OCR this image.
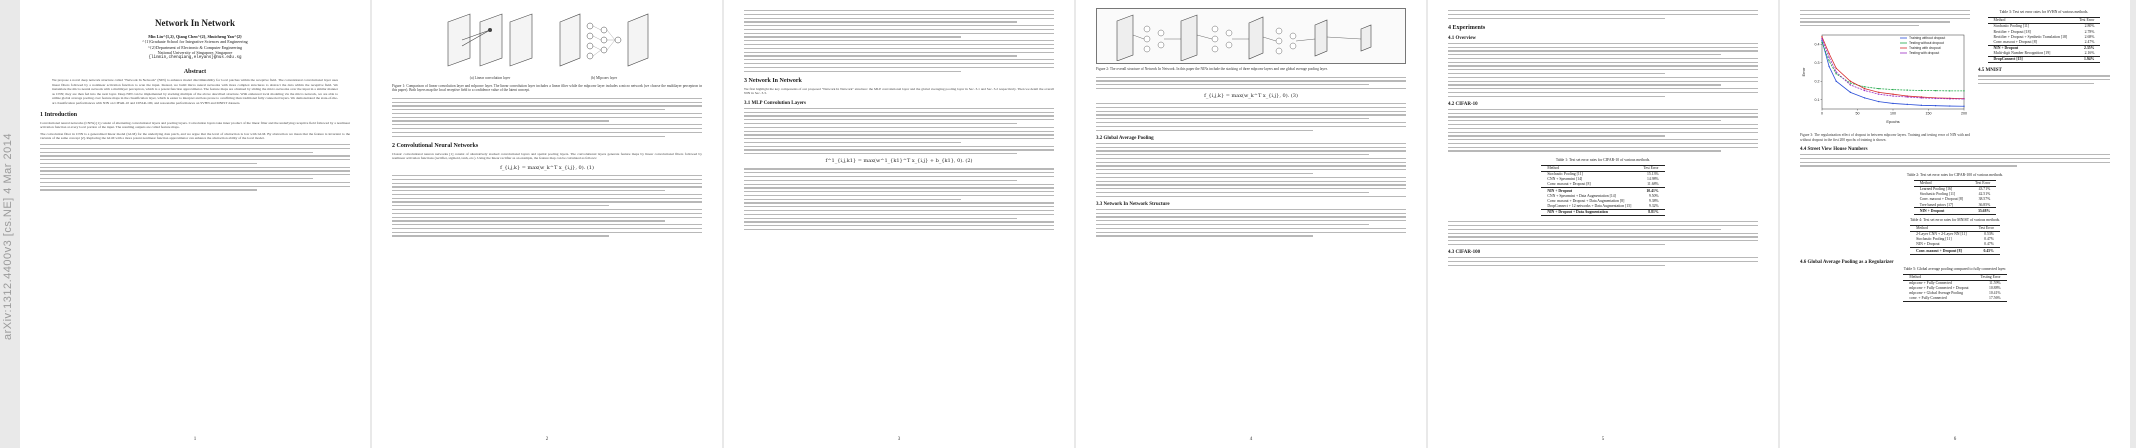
arXiv:1312.4400v3 [cs.NE] 4 Mar 2014
Network In Network
Min Lin^{1,2}, Qiang Chen^{2}, Shuicheng Yan^{2}
^{1}Graduate School for Integrative Sciences and Engineering
^{2}Department of Electronic & Computer Engineering
National University of Singapore, Singapore
{linmin,chenqiang,eleyans}@nus.edu.sg
Abstract
We propose a novel deep network structure called "Network In Network" (NIN) to enhance model discriminability for local patches within the receptive field. The conventional convolutional layer uses linear filters followed by a nonlinear activation function to scan the input. Instead, we build micro neural networks with more complex structures to abstract the data within the receptive field. We instantiate the micro neural network with a multilayer perceptron, which is a potent function approximator. The feature maps are obtained by sliding the micro networks over the input in a similar manner as CNN; they are then fed into the next layer. Deep NIN can be implemented by stacking multiple of the above described structure. With enhanced local modeling via the micro network, we are able to utilize global average pooling over feature maps in the classification layer, which is easier to interpret and less prone to overfitting than traditional fully connected layers. We demonstrated the state-of-the-art classification performances with NIN on CIFAR-10 and CIFAR-100, and reasonable performances on SVHN and MNIST datasets.
1 Introduction
Convolutional neural networks (CNNs) [1] consist of alternating convolutional layers and pooling layers. Convolution layers take inner product of the linear filter and the underlying receptive field followed by a nonlinear activation function at every local portion of the input. The resulting outputs are called feature maps.
The convolution filter in CNN is a generalized linear model (GLM) for the underlying data patch, and we argue that the level of abstraction is low with GLM. By abstraction we mean that the feature is invariant to the variants of the same concept [2]. Replacing the GLM with a more potent nonlinear function approximator can enhance the abstraction ability of the local model.
1
(a) Linear convolution layer	(b) Mlpconv layer
Figure 1: Comparison of linear convolution layer and mlpconv layer. The linear convolution layer includes a linear filter while the mlpconv layer includes a micro network (we choose the multilayer perceptron in this paper). Both layers map the local receptive field to a confidence value of the latent concept.
2 Convolutional Neural Networks
Classic convolutional neuron networks [1] consist of alternatively stacked convolutional layers and spatial pooling layers. The convolutional layers generate feature maps by linear convolutional filters followed by nonlinear activation functions (rectifier, sigmoid, tanh, etc.). Using the linear rectifier as an example, the feature map can be calculated as follows:
f_{i,j,k} = max(w_k^T x_{i,j}, 0). (1)
2
3 Network In Network
We first highlight the key components of our proposed "Network In Network" structure: the MLP convolutional layer and the global averaging pooling layer in Sec. 3.1 and Sec. 3.2 respectively. Then we detail the overall NIN in Sec. 3.3.
3.1 MLP Convolution Layers
f^1_{i,j,k1} = max(w^1_{k1}^T x_{i,j} + b_{k1}, 0). (2)
3
Figure 2: The overall structure of Network In Network. In this paper the NINs include the stacking of three mlpconv layers and one global average pooling layer.
f_{i,j,k} = max(w_k^T x_{i,j}, 0). (3)
3.2 Global Average Pooling
3.3 Network In Network Structure
4
4 Experiments
4.1 Overview
4.2 CIFAR-10
Table 1: Test set error rates for CIFAR-10 of various methods.
Method	Test Error
Stochastic Pooling [11]	15.13%
CNN + Spearmint [14]	14.98%
Conv. maxout + Dropout [8]	11.68%
NIN + Dropout	10.41%
CNN + Spearmint + Data Augmentation [14]	9.50%
Conv. maxout + Dropout + Data Augmentation [8]	9.38%
DropConnect + 12 networks + Data Augmentation [15]	9.32%
NIN + Dropout + Data Augmentation	8.81%
4.3 CIFAR-100
5
0	50	100	150	200
0.1
0.2
0.3
0.4
Epochs
Error
Training without dropout
Testing without dropout
Training with dropout
Testing with dropout
Figure 3: The regularization effect of dropout in between mlpconv layers. Training and testing error of NIN with and without dropout in the first 200 epochs of training is shown.
Table 3: Test set error rates for SVHN of various methods.
Method	Test Error
Stochastic Pooling [11]	2.80%
Rectifier + Dropout [18]	2.78%
Rectifier + Dropout + Synthetic Translation [18]	2.68%
Conv. maxout + Dropout [8]	2.47%
NIN + Dropout	2.35%
Multi-digit Number Recognition [19]	2.16%
DropConnect [15]	1.94%
4.5 MNIST
4.4 Street View House Numbers
Table 2: Test set error rates for CIFAR-100 of various methods.
Method	Test Error
Learned Pooling [16]	43.71%
Stochastic Pooling [11]	42.51%
Conv. maxout + Dropout [8]	38.57%
Tree based priors [17]	36.85%
NIN + Dropout	35.68%
Table 4: Test set error rates for MNIST of various methods.
Method	Test Error
2-Layer CNN + 2-Layer NN [11]	0.53%
Stochastic Pooling [11]	0.47%
NIN + Dropout	0.47%
Conv. maxout + Dropout [8]	0.45%
4.6 Global Average Pooling as a Regularizer
Table 5: Global average pooling compared to fully connected layer.
Method	Testing Error
mlpconv + Fully Connected	11.59%
mlpconv + Fully Connected + Dropout	10.88%
mlpconv + Global Average Pooling	10.41%
conv. + Fully Connected	17.56%
6
